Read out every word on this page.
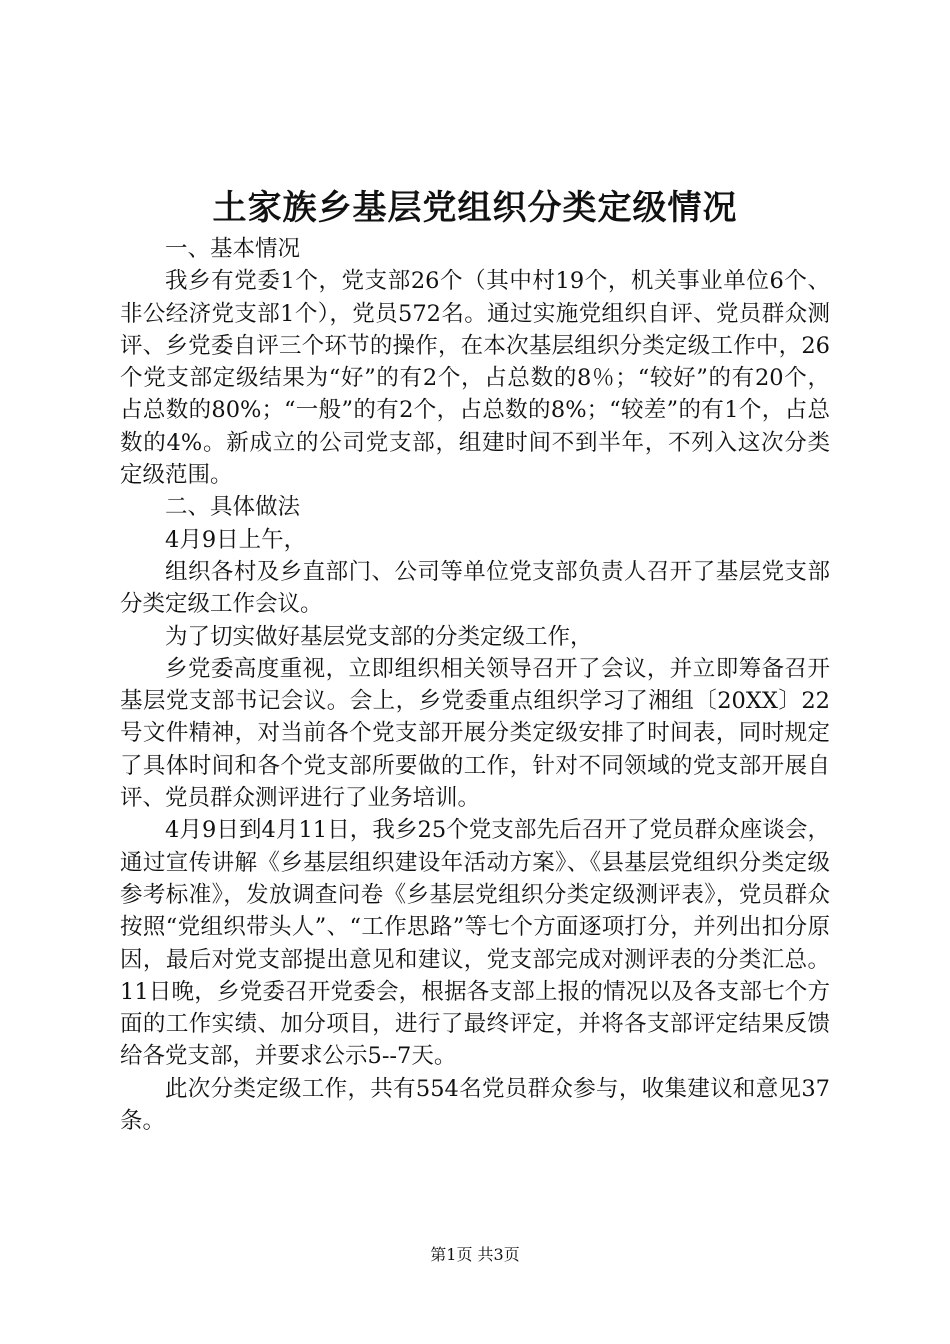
土家族乡基层党组织分类定级情况

一、基本情况

我乡有党委1个，党支部26个（其中村19个，机关事业单位6个、非公经济党支部1个），党员572名。通过实施党组织自评、党员群众测评、乡党委自评三个环节的操作，在本次基层组织分类定级工作中，26个党支部定级结果为“好”的有2个，占总数的8％；“较好”的有20个，占总数的80%；“一般”的有2个，占总数的8%；“较差”的有1个，占总数的4%。新成立的公司党支部，组建时间不到半年，不列入这次分类定级范围。

二、具体做法

4月9日上午，

组织各村及乡直部门、公司等单位党支部负责人召开了基层党支部分类定级工作会议。

为了切实做好基层党支部的分类定级工作，

乡党委高度重视，立即组织相关领导召开了会议，并立即筹备召开基层党支部书记会议。会上，乡党委重点组织学习了湘组〔20XX〕22号文件精神，对当前各个党支部开展分类定级安排了时间表，同时规定了具体时间和各个党支部所要做的工作，针对不同领域的党支部开展自评、党员群众测评进行了业务培训。

4月9日到4月11日，我乡25个党支部先后召开了党员群众座谈会，通过宣传讲解《乡基层组织建设年活动方案》、《县基层党组织分类定级参考标准》，发放调查问卷《乡基层党组织分类定级测评表》，党员群众按照“党组织带头人”、“工作思路”等七个方面逐项打分，并列出扣分原因，最后对党支部提出意见和建议，党支部完成对测评表的分类汇总。11日晚，乡党委召开党委会，根据各支部上报的情况以及各支部七个方面的工作实绩、加分项目，进行了最终评定，并将各支部评定结果反馈给各党支部，并要求公示5--7天。

此次分类定级工作，共有554名党员群众参与，收集建议和意见37条。

第1页 共3页
